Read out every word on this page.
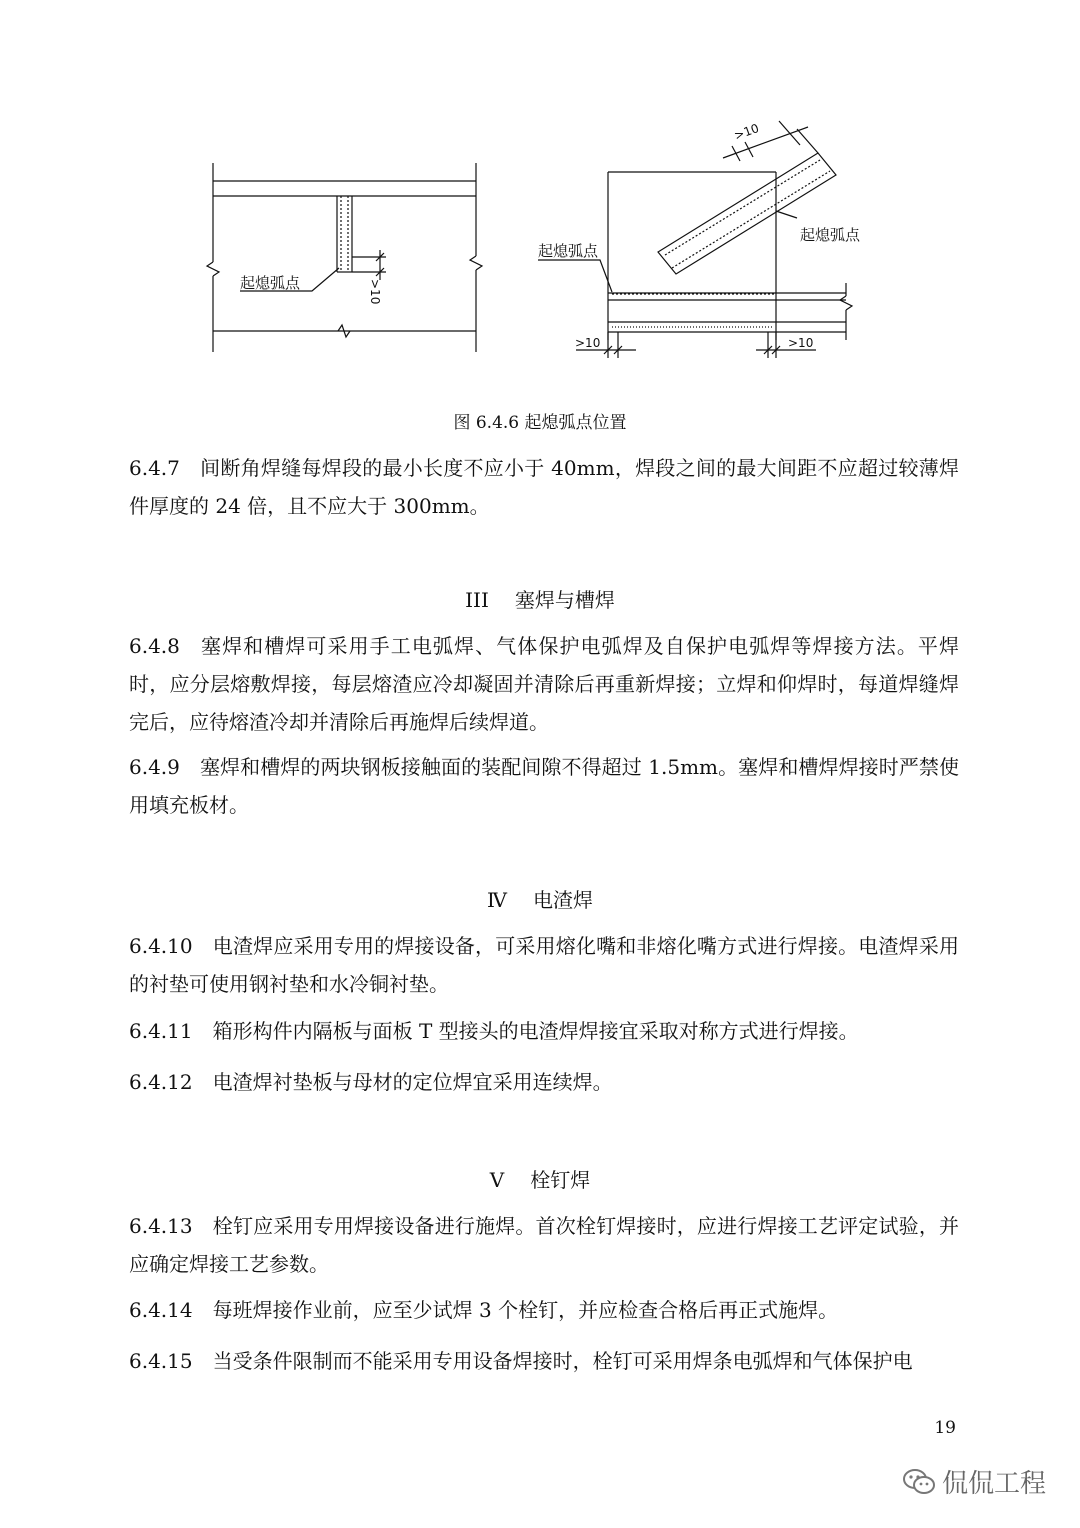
起熄弧点	>10
起熄弧点
起熄弧点
>10
>10	>10
图 6.4.6 起熄弧点位置
6.4.7 间断角焊缝每焊段的最小长度不应小于 40mm，焊段之间的最大间距不应超过较薄焊件厚度的 24 倍，且不应大于 300mm。
III 塞焊与槽焊
6.4.8 塞焊和槽焊可采用手工电弧焊、气体保护电弧焊及自保护电弧焊等焊接方法。平焊时，应分层熔敷焊接，每层熔渣应冷却凝固并清除后再重新焊接；立焊和仰焊时，每道焊缝焊完后，应待熔渣冷却并清除后再施焊后续焊道。
6.4.9 塞焊和槽焊的两块钢板接触面的装配间隙不得超过 1.5mm。塞焊和槽焊焊接时严禁使用填充板材。
Ⅳ 电渣焊
6.4.10 电渣焊应采用专用的焊接设备，可采用熔化嘴和非熔化嘴方式进行焊接。电渣焊采用的衬垫可使用钢衬垫和水冷铜衬垫。
6.4.11 箱形构件内隔板与面板 T 型接头的电渣焊焊接宜采取对称方式进行焊接。
6.4.12 电渣焊衬垫板与母材的定位焊宜采用连续焊。
Ⅴ 栓钉焊
6.4.13 栓钉应采用专用焊接设备进行施焊。首次栓钉焊接时，应进行焊接工艺评定试验，并应确定焊接工艺参数。
6.4.14 每班焊接作业前，应至少试焊 3 个栓钉，并应检查合格后再正式施焊。
6.4.15 当受条件限制而不能采用专用设备焊接时，栓钉可采用焊条电弧焊和气体保护电
19
侃侃工程
